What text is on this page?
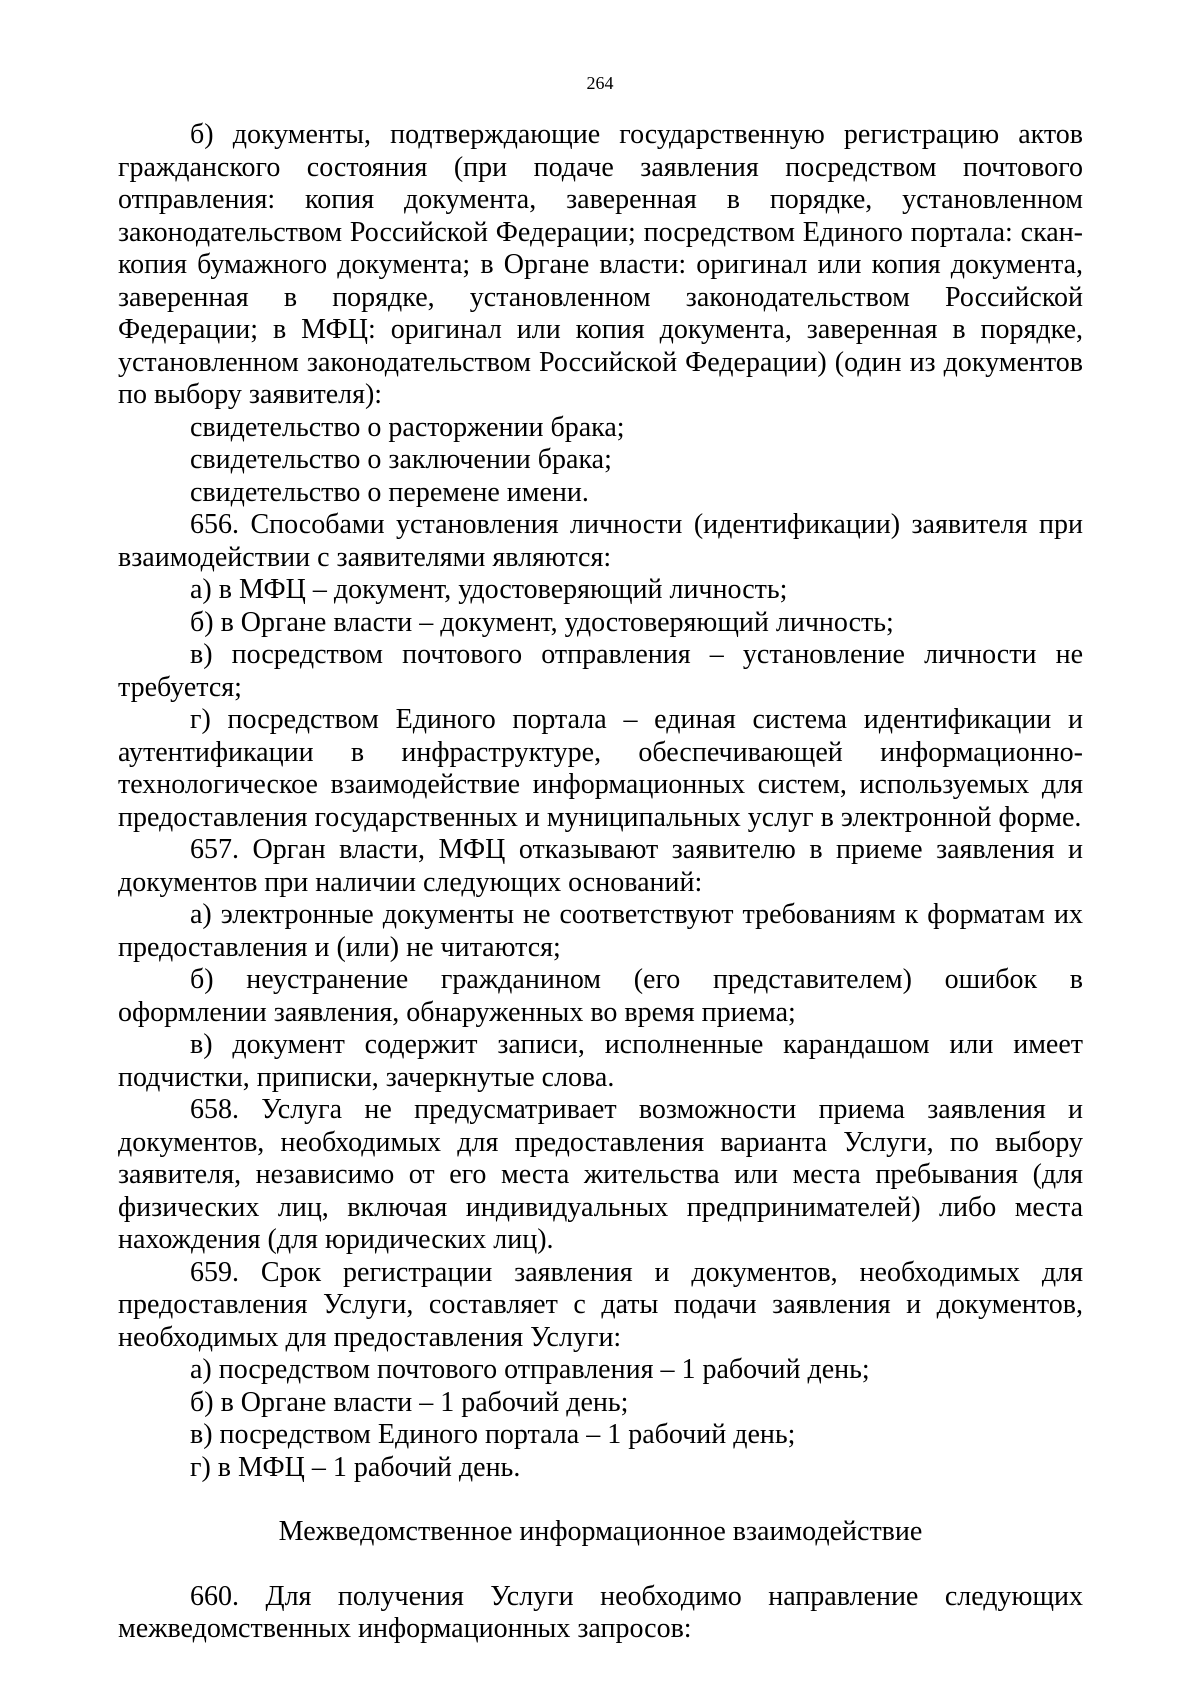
264

б) документы, подтверждающие государственную регистрацию актов гражданского состояния (при подаче заявления посредством почтового отправления: копия документа, заверенная в порядке, установленном законодательством Российской Федерации; посредством Единого портала: скан-копия бумажного документа; в Органе власти: оригинал или копия документа, заверенная в порядке, установленном законодательством Российской Федерации; в МФЦ: оригинал или копия документа, заверенная в порядке, установленном законодательством Российской Федерации) (один из документов по выбору заявителя):

свидетельство о расторжении брака;

свидетельство о заключении брака;

свидетельство о перемене имени.

656. Способами установления личности (идентификации) заявителя при взаимодействии с заявителями являются:

а) в МФЦ – документ, удостоверяющий личность;

б) в Органе власти – документ, удостоверяющий личность;

в) посредством почтового отправления – установление личности не требуется;

г) посредством Единого портала – единая система идентификации и аутентификации в инфраструктуре, обеспечивающей информационно-технологическое взаимодействие информационных систем, используемых для предоставления государственных и муниципальных услуг в электронной форме.

657. Орган власти, МФЦ отказывают заявителю в приеме заявления и документов при наличии следующих оснований:

а) электронные документы не соответствуют требованиям к форматам их предоставления и (или) не читаются;

б) неустранение гражданином (его представителем) ошибок в оформлении заявления, обнаруженных во время приема;

в) документ содержит записи, исполненные карандашом или имеет подчистки, приписки, зачеркнутые слова.

658. Услуга не предусматривает возможности приема заявления и документов, необходимых для предоставления варианта Услуги, по выбору заявителя, независимо от его места жительства или места пребывания (для физических лиц, включая индивидуальных предпринимателей) либо места нахождения (для юридических лиц).

659. Срок регистрации заявления и документов, необходимых для предоставления Услуги, составляет с даты подачи заявления и документов, необходимых для предоставления Услуги:

а) посредством почтового отправления – 1 рабочий день;

б) в Органе власти – 1 рабочий день;

в) посредством Единого портала – 1 рабочий день;

г) в МФЦ – 1 рабочий день.

Межведомственное информационное взаимодействие

660. Для получения Услуги необходимо направление следующих межведомственных информационных запросов:
